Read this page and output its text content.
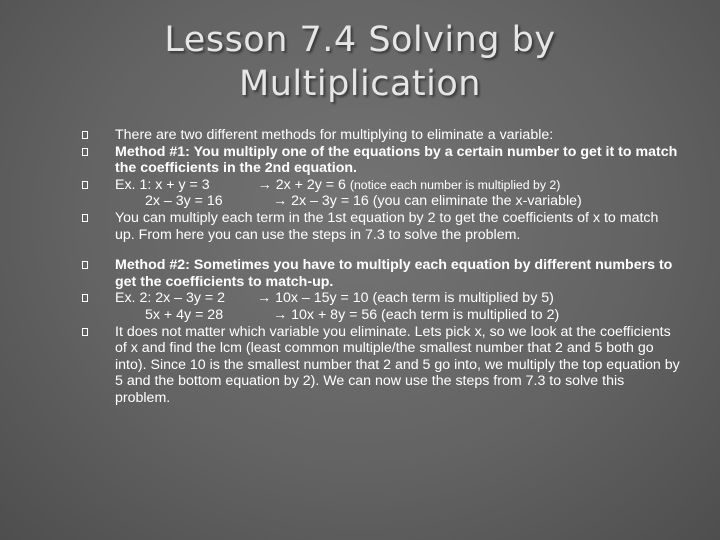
Lesson 7.4 Solving by
Multiplication
There are two different methods for multiplying to eliminate a variable:
Method #1: You multiply one of the equations by a certain number to get it to match the coefficients in the 2nd equation.
Ex. 1: x + y = 3	→ 2x + 2y = 6 (notice each number is multiplied by 2)
2x – 3y = 16	→ 2x – 3y = 16 (you can eliminate the x-variable)
You can multiply each term in the 1st equation by 2 to get the coefficients of x to match up. From here you can use the steps in 7.3 to solve the problem.
Method #2: Sometimes you have to multiply each equation by different numbers to get the coefficients to match-up.
Ex. 2: 2x – 3y = 2 → 10x – 15y = 10 (each term is multiplied by 5)
5x + 4y = 28	→ 10x + 8y = 56 (each term is multiplied to 2)
It does not matter which variable you eliminate. Lets pick x, so we look at the coefficients of x and find the lcm (least common multiple/the smallest number that 2 and 5 both go into). Since 10 is the smallest number that 2 and 5 go into, we multiply the top equation by 5 and the bottom equation by 2). We can now use the steps from 7.3 to solve this problem.
